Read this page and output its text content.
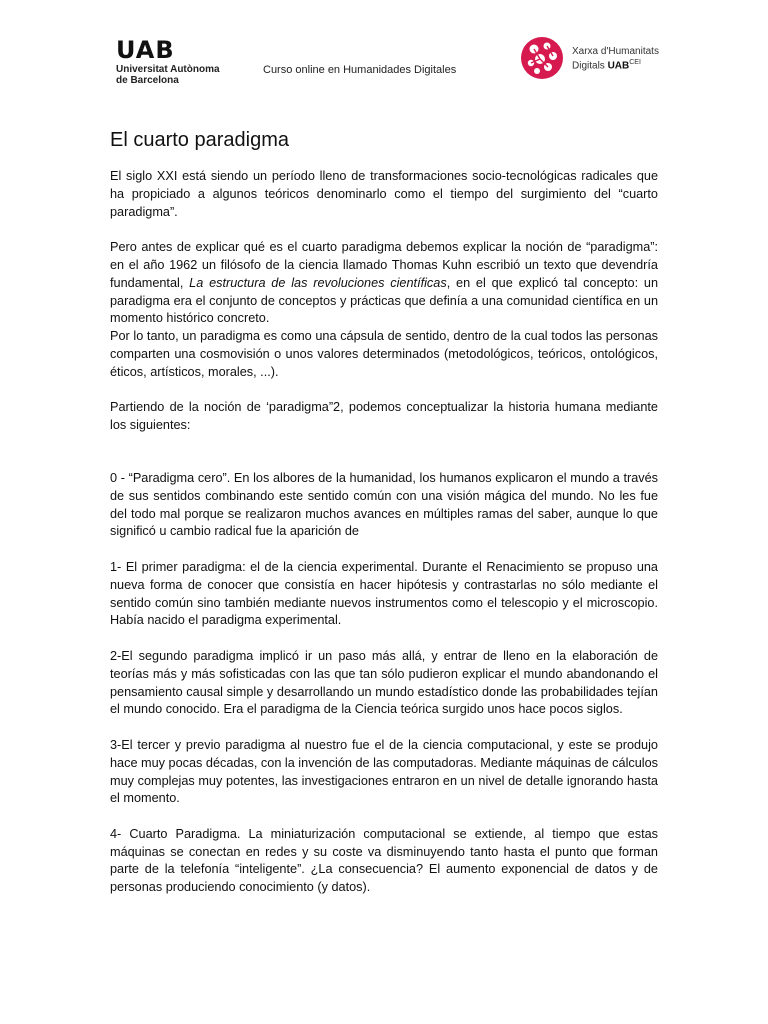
UAB
Universitat Autònoma
de Barcelona
Curso online en Humanidades Digitales
Xarxa d'Humanitats
Digitals $UAB^{CEI}$
El cuarto paradigma

El siglo XXI está siendo un período lleno de transformaciones socio-tecnológicas radicales que ha propiciado a algunos teóricos denominarlo como el tiempo del surgimiento del “cuarto paradigma”.

Pero antes de explicar qué es el cuarto paradigma debemos explicar la noción de “paradigma”: en el año 1962 un filósofo de la ciencia llamado Thomas Kuhn escribió un texto que devendría fundamental, La estructura de las revoluciones científicas, en el que explicó tal concepto: un paradigma era el conjunto de conceptos y prácticas que definía a una comunidad científica en un momento histórico concreto.

Por lo tanto, un paradigma es como una cápsula de sentido, dentro de la cual todos las personas comparten una cosmovisión o unos valores determinados (metodológicos, teóricos, ontológicos, éticos, artísticos, morales, ...).

Partiendo de la noción de ‘paradigma”2, podemos conceptualizar la historia humana mediante los siguientes:

0 - “Paradigma cero”. En los albores de la humanidad, los humanos explicaron el mundo a través de sus sentidos combinando este sentido común con una visión mágica del mundo. No les fue del todo mal porque se realizaron muchos avances en múltiples ramas del saber, aunque lo que significó u cambio radical fue la aparición de

1- El primer paradigma: el de la ciencia experimental. Durante el Renacimiento se propuso una nueva forma de conocer que consistía en hacer hipótesis y contrastarlas no sólo mediante el sentido común sino también mediante nuevos instrumentos como el telescopio y el microscopio. Había nacido el paradigma experimental.

2-El segundo paradigma implicó ir un paso más allá, y entrar de lleno en la elaboración de teorías más y más sofisticadas con las que tan sólo pudieron explicar el mundo abandonando el pensamiento causal simple y desarrollando un mundo estadístico donde las probabilidades tejían el mundo conocido. Era el paradigma de la Ciencia teórica surgido unos hace pocos siglos.

3-El tercer y previo paradigma al nuestro fue el de la ciencia computacional, y este se produjo hace muy pocas décadas, con la invención de las computadoras. Mediante máquinas de cálculos muy complejas muy potentes, las investigaciones entraron en un nivel de detalle ignorando hasta el momento.

4- Cuarto Paradigma. La miniaturización computacional se extiende, al tiempo que estas máquinas se conectan en redes y su coste va disminuyendo tanto hasta el punto que forman parte de la telefonía “inteligente”. ¿La consecuencia? El aumento exponencial de datos y de personas produciendo conocimiento (y datos).
